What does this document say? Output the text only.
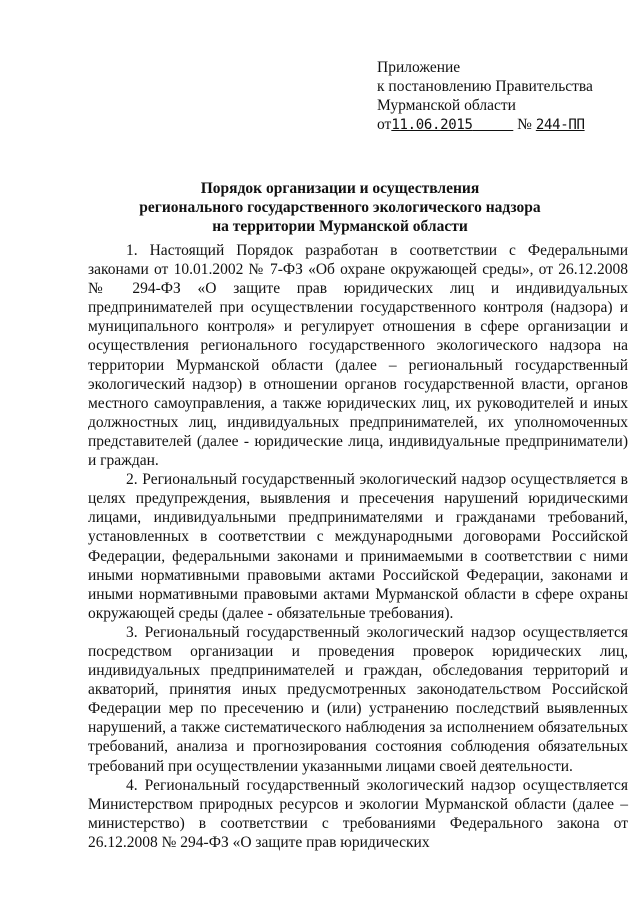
Приложение
к постановлению Правительства
Мурманской области
от11.06.2015	№ 244-ПП
Порядок организации и осуществления
регионального государственного экологического надзора
на территории Мурманской области

1. Настоящий Порядок разработан в соответствии с Федеральными законами от 10.01.2002 № 7-ФЗ «Об охране окружающей среды», от 26.12.2008 № 294-ФЗ «О защите прав юридических лиц и индивидуальных предпринимателей при осуществлении государственного контроля (надзора) и муниципального контроля» и регулирует отношения в сфере организации и осуществления регионального государственного экологического надзора на территории Мурманской области (далее – региональный государственный экологический надзор) в отношении органов государственной власти, органов местного самоуправления, а также юридических лиц, их руководителей и иных должностных лиц, индивидуальных предпринимателей, их уполномоченных представителей (далее - юридические лица, индивидуальные предприниматели) и граждан.

2. Региональный государственный экологический надзор осуществляется в целях предупреждения, выявления и пресечения нарушений юридическими лицами, индивидуальными предпринимателями и гражданами требований, установленных в соответствии с международными договорами Российской Федерации, федеральными законами и принимаемыми в соответствии с ними иными нормативными правовыми актами Российской Федерации, законами и иными нормативными правовыми актами Мурманской области в сфере охраны окружающей среды (далее - обязательные требования).

3. Региональный государственный экологический надзор осуществляется посредством организации и проведения проверок юридических лиц, индивидуальных предпринимателей и граждан, обследования территорий и акваторий, принятия иных предусмотренных законодательством Российской Федерации мер по пресечению и (или) устранению последствий выявленных нарушений, а также систематического наблюдения за исполнением обязательных требований, анализа и прогнозирования состояния соблюдения обязательных требований при осуществлении указанными лицами своей деятельности.

4. Региональный государственный экологический надзор осуществляется Министерством природных ресурсов и экологии Мурманской области (далее – министерство) в соответствии с требованиями Федерального закона от 26.12.2008 № 294-ФЗ «О защите прав юридических
